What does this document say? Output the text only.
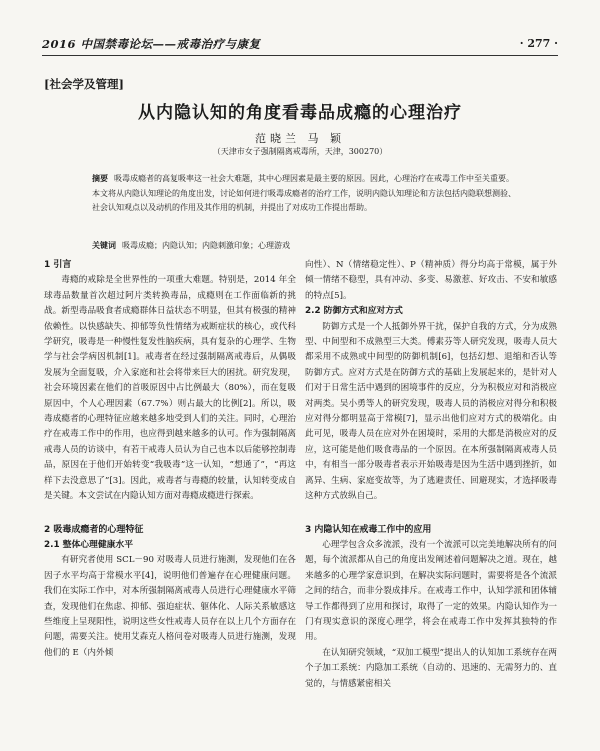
2016 中国禁毒论坛——戒毒治疗与康复	· 277 ·
[社会学及管理]
从内隐认知的角度看毒品成瘾的心理治疗
范晓兰 马 颖
（天津市女子强制隔离戒毒所，天津，300270）
摘要 吸毒成瘾者的高复吸率这一社会大难题，其中心理因素是最主要的原因。因此，心理治疗在戒毒工作中至关重要。本文将从内隐认知理论的角度出发，讨论如何进行吸毒成瘾者的治疗工作，说明内隐认知理论和方法包括内隐联想测验、社会认知观点以及动机的作用及其作用的机制，并提出了对成功工作提出帮助。
关键词 吸毒成瘾；内隐认知；内隐刺激印象；心理游戏
1 引言

毒瘾的戒除是全世界性的一项重大难题。特别是，2014 年全球毒品数量首次超过阿片类转换毒品，成瘾则在工作面临新的挑战。新型毒品吸食者成瘾群体日益状态不明显，但其有极强的精神依赖性。以快感缺失、抑郁等负性情绪为戒断症状的核心，或代科学研究，吸毒是一种慢性复发性脑疾病，具有复杂的心理学、生物学与社会学病因机制[1]。戒毒者在经过强制隔离戒毒后，从偶吸发展为全面复吸，介入家庭和社会将带来巨大的困扰。研究发现，社会环境因素在他们的首吸原因中占比例最大（80%），而在复吸原因中，个人心理因素（67.7%）则占最大的比例[2]。所以，吸毒成瘾者的心理特征应越来越多地受到人们的关注。同时，心理治疗在戒毒工作中的作用，也应得到越来越多的认可。作为强制隔离戒毒人员的访谈中，有若干戒毒人员认为自己也本以后能够控制毒品，原因在于他们开始转变“我吸毒”这一认知，“想通了”，“再这样下去没意思了”[3]。因此，戒毒者与毒瘾的较量，认知转变成自是关键。本文尝试在内隐认知方面对毒瘾成瘾进行探索。

2 吸毒成瘾者的心理特征
2.1 整体心理健康水平

有研究者使用 SCL－90 对吸毒人员进行施测，发现他们在各因子水平均高于常模水平[4]，说明他们普遍存在心理健康问题。我们在实际工作中，对本所强制隔离戒毒人员进行心理健康水平筛查，发现他们在焦虑、抑郁、强迫症状、躯体化、人际关系敏感这些维度上呈现阳性，说明这些女性戒毒人员存在以上几个方面存在问题，需要关注。使用艾森克人格问卷对吸毒人员进行施测，发现他们的 E（内外倾

向性）、N（情绪稳定性）、P（精神质）得分均高于常模，属于外倾一情绪不稳型，具有冲动、多变、易激惹、好攻击、不安和敏感的特点[5]。

2.2 防御方式和应对方式

防御方式是一个人抵御外界干扰，保护自我的方式，分为成熟型、中间型和不成熟型三大类。傅素芬等人研究发现，吸毒人员大都采用不成熟或中间型的防御机制[6]，包括幻想、退缩和否认等防御方式。应对方式是在防御方式的基础上发展起来的，是针对人们对于日常生活中遇到的困境事件的反应，分为积极应对和消极应对两类。吴小勇等人的研究发现，吸毒人员的消极应对得分和积极应对得分都明显高于常模[7]，显示出他们应对方式的极端化。由此可见，吸毒人员在应对外在困境时，采用的大都是消极应对的反应，这可能是他们吸食毒品的一个原因。在本所强制隔离戒毒人员中，有相当一部分吸毒者表示开始吸毒是因为生活中遇到挫折，如离异、生病、家庭变故等，为了逃避责任、回避现实，才选择吸毒这种方式放纵自己。

3 内隐认知在戒毒工作中的应用

心理学包含众多流派，没有一个流派可以完美地解决所有的问题，每个流派都从自己的角度出发阐述着问题解决之道。现在，越来越多的心理学家意识到，在解决实际问题时，需要将是各个流派之间的结合，而非分裂成排斥。在戒毒工作中，认知学派和团体辅导工作都得到了应用和探讨，取得了一定的效果。内隐认知作为一门有现实意识的深度心理学，将会在戒毒工作中发挥其独特的作用。

在认知研究领域，“双加工模型”提出人的认知加工系统存在两个子加工系统：内隐加工系统（自动的、迅速的、无需努力的、直觉的，与情感紧密相关
